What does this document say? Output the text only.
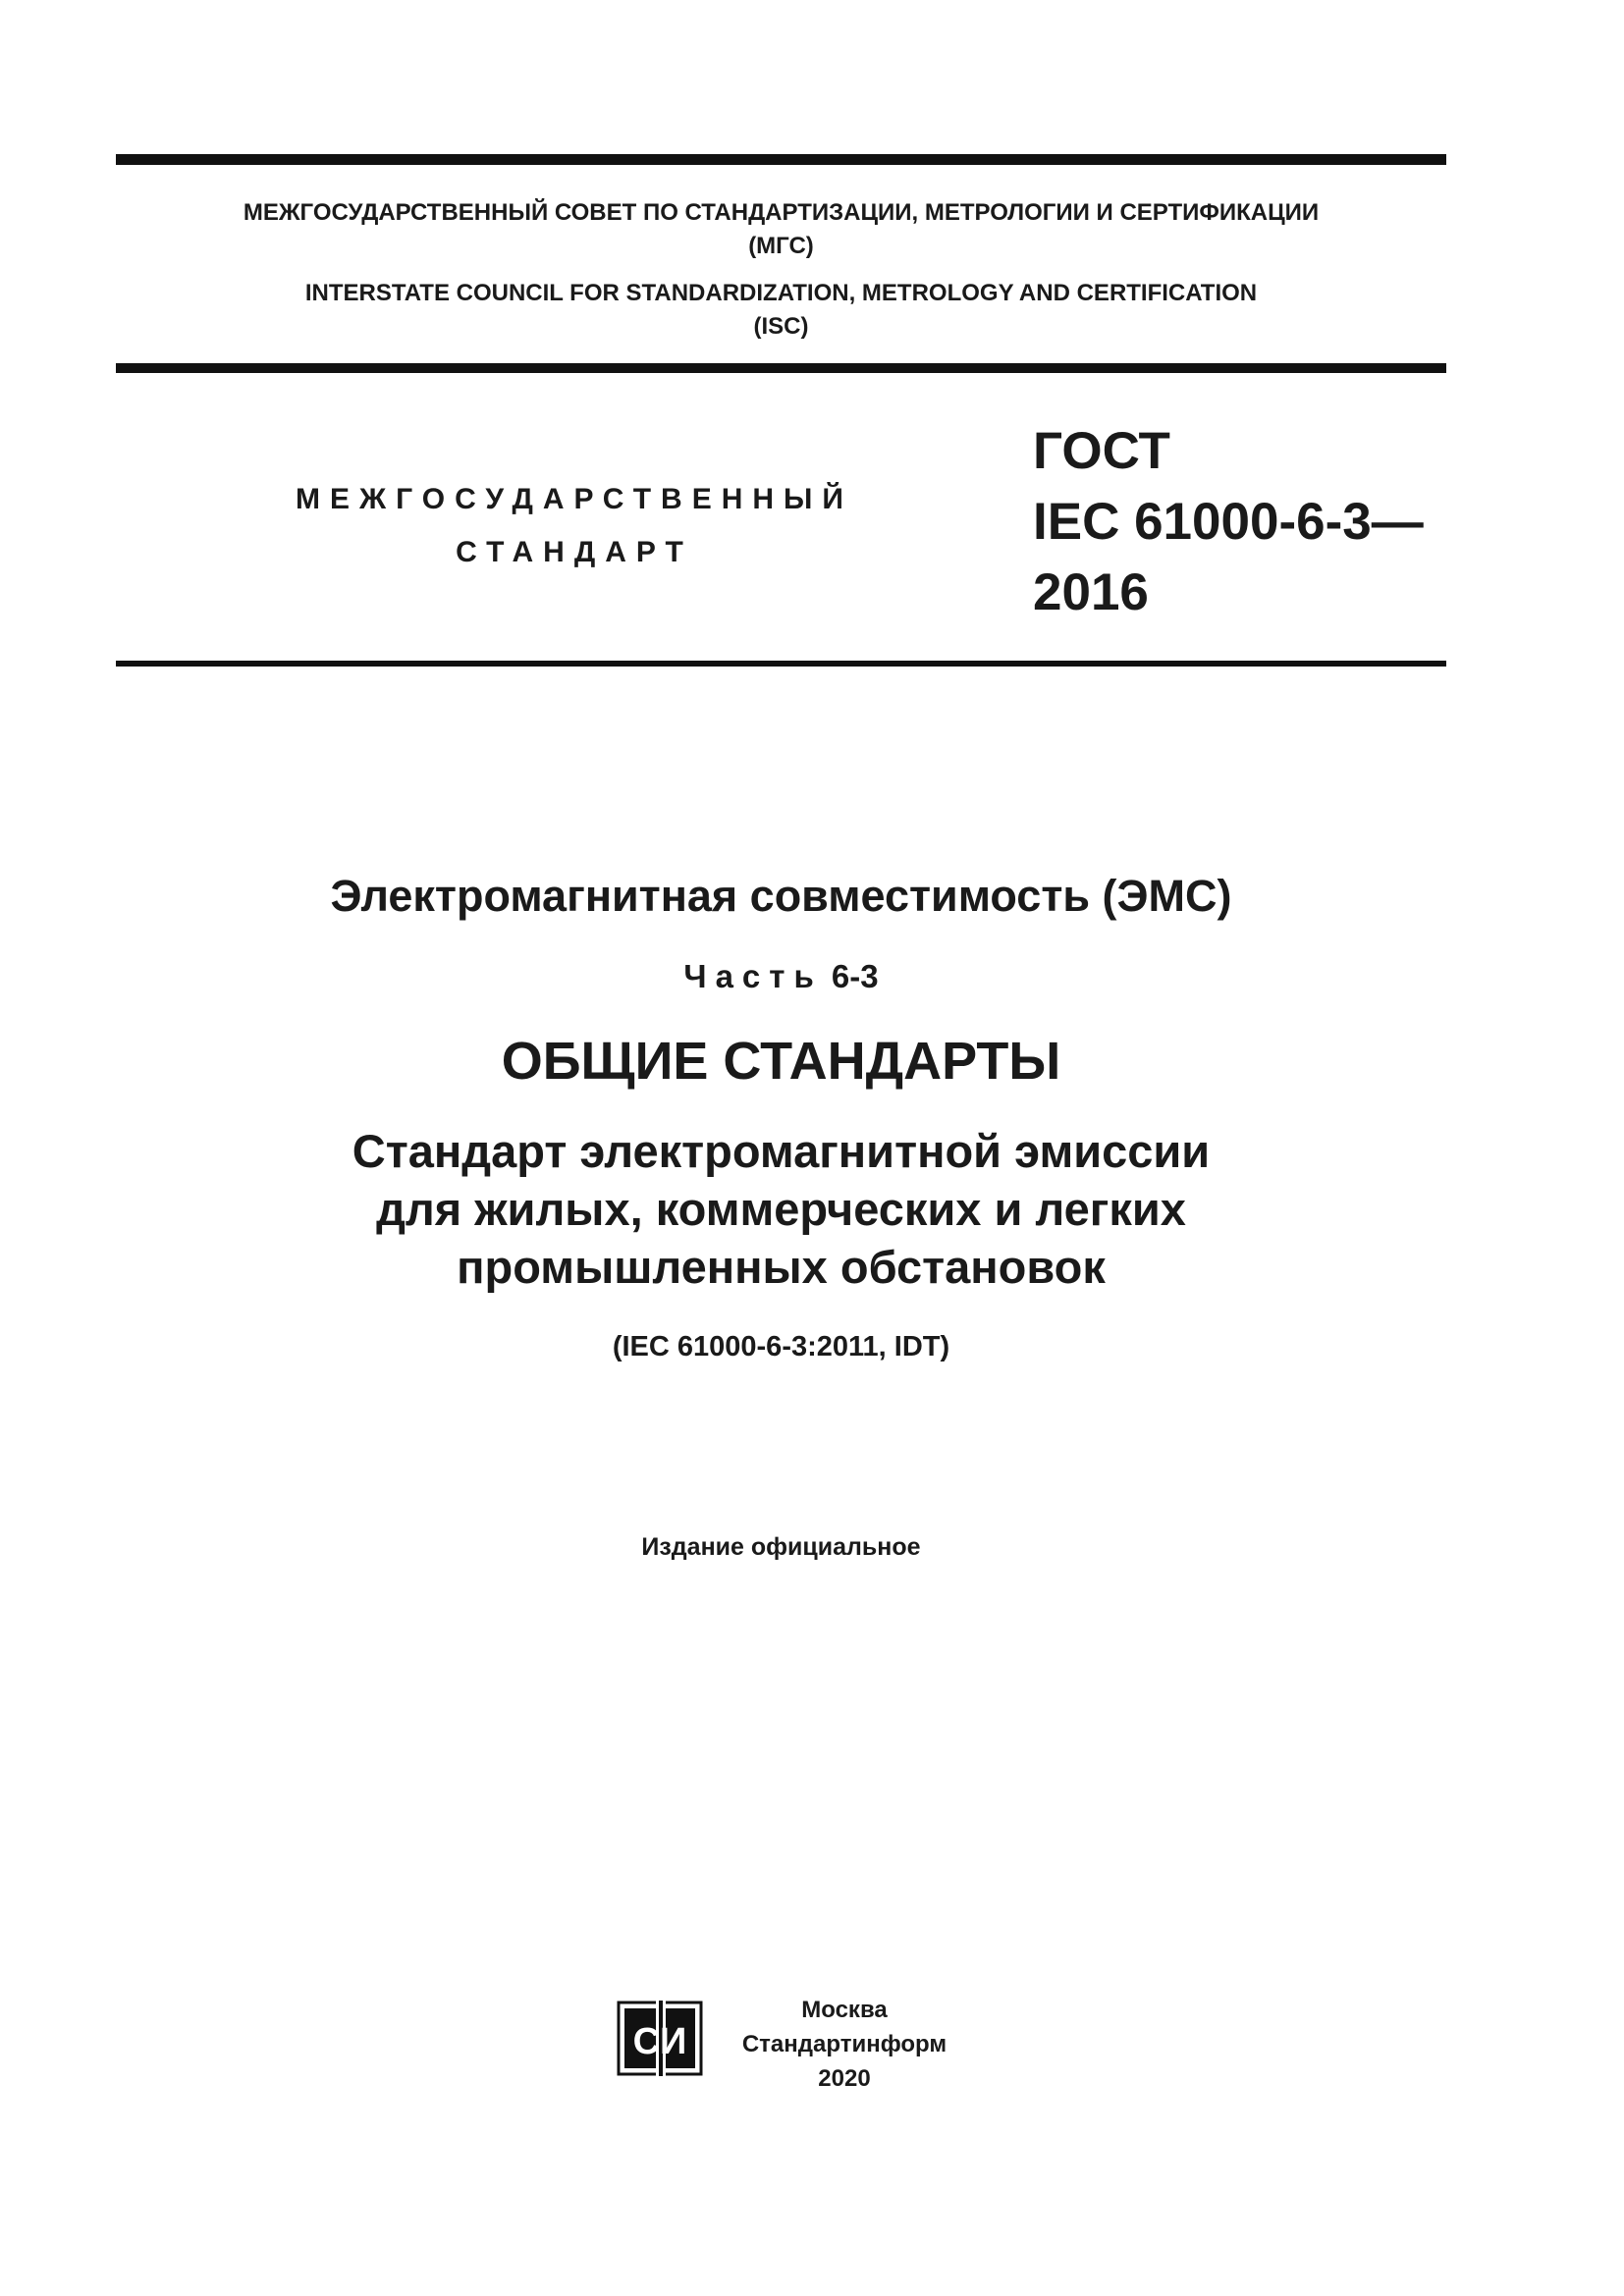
МЕЖГОСУДАРСТВЕННЫЙ СОВЕТ ПО СТАНДАРТИЗАЦИИ, МЕТРОЛОГИИ И СЕРТИФИКАЦИИ
(МГС)
INTERSTATE COUNCIL FOR STANDARDIZATION, METROLOGY AND CERTIFICATION
(ISC)
МЕЖГОСУДАРСТВЕННЫЙ
СТАНДАРТ
ГОСТ
IEC 61000-6-3—
2016
Электромагнитная совместимость (ЭМС)
Часть 6-3
ОБЩИЕ СТАНДАРТЫ
Стандарт электромагнитной эмиссии
для жилых, коммерческих и легких
промышленных обстановок
(IEC 61000-6-3:2011, IDT)
Издание официальное
СИ
Москва
Стандартинформ
2020
